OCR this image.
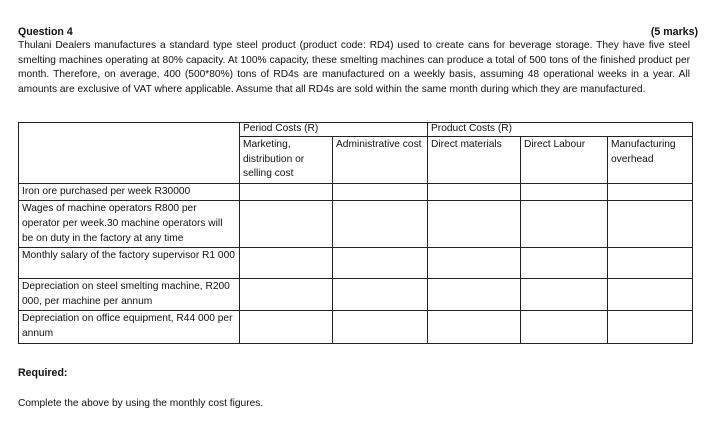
Question 4	(5 marks)

Thulani Dealers manufactures a standard type steel product (product code: RD4) used to create cans for beverage storage. They have five steel smelting machines operating at 80% capacity. At 100% capacity, these smelting machines can produce a total of 500 tons of the finished product per month. Therefore, on average, 400 (500*80%) tons of RD4s are manufactured on a weekly basis, assuming 48 operational weeks in a year. All amounts are exclusive of VAT where applicable. Assume that all RD4s are sold within the same month during which they are manufactured.

	Period Costs (R)		Product Costs (R)		
	Marketing, distribution or selling cost	Administrative cost	Direct materials	Direct Labour	Manufacturing overhead
Iron ore purchased per week R30000					
Wages of machine operators R800 per operator per week.30 machine operators will be on duty in the factory at any time					
Monthly salary of the factory supervisor R1 000					
Depreciation on steel smelting machine, R200 000, per machine per annum					
Depreciation on office equipment, R44 000 per annum					
Required:
Complete the above by using the monthly cost figures.
